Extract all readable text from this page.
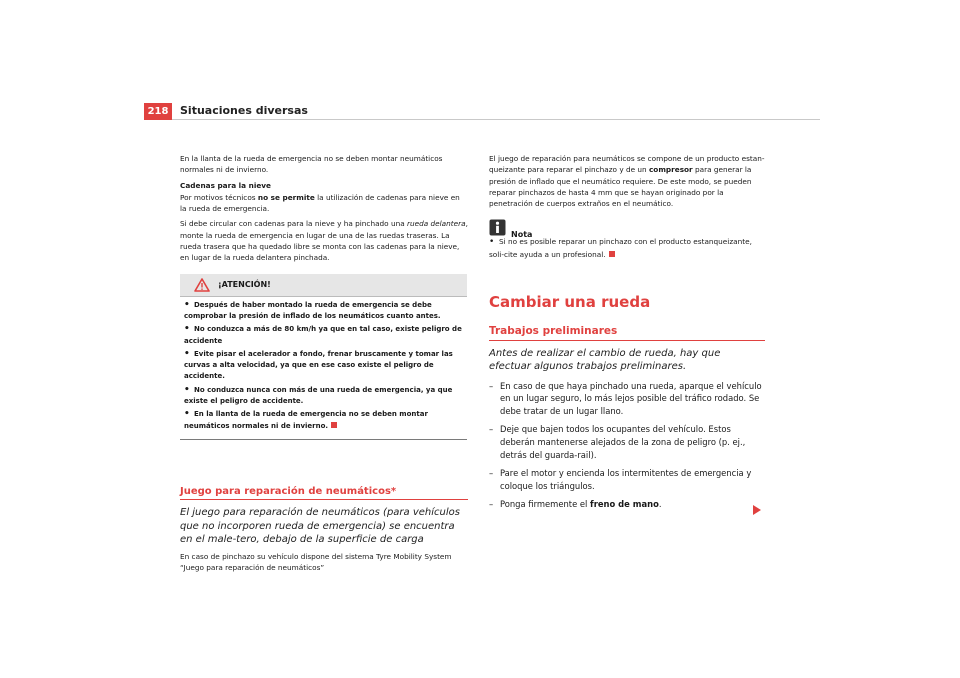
218	Situaciones diversas

En la llanta de la rueda de emergencia no se deben montar neumáticos normales ni de invierno.

Cadenas para la nieve

Por motivos técnicos no se permite la utilización de cadenas para nieve en la rueda de emergencia.

Si debe circular con cadenas para la nieve y ha pinchado una rueda delantera, monte la rueda de emergencia en lugar de una de las ruedas traseras. La rueda trasera que ha quedado libre se monta con las cadenas para la nieve, en lugar de la rueda delantera pinchada.

¡ATENCIÓN!
• Después de haber montado la rueda de emergencia se debe comprobar la presión de inflado de los neumáticos cuanto antes.
• No conduzca a más de 80 km/h ya que en tal caso, existe peligro de accidente
• Evite pisar el acelerador a fondo, frenar bruscamente y tomar las curvas a alta velocidad, ya que en ese caso existe el peligro de accidente.
• No conduzca nunca con más de una rueda de emergencia, ya que existe el peligro de accidente.
• En la llanta de la rueda de emergencia no se deben montar neumáticos normales ni de invierno.
Juego para reparación de neumáticos*
El juego para reparación de neumáticos (para vehículos que no incorporen rueda de emergencia) se encuentra en el male-tero, debajo de la superficie de carga

En caso de pinchazo su vehículo dispone del sistema Tyre Mobility System “Juego para reparación de neumáticos”

El juego de reparación para neumáticos se compone de un producto estan-queizante para reparar el pinchazo y de un compresor para generar la presión de inflado que el neumático requiere. De este modo, se pueden reparar pinchazos de hasta 4 mm que se hayan originado por la penetración de cuerpos extraños en el neumático.

Nota

• Si no es posible reparar un pinchazo con el producto estanqueizante, soli-cite ayuda a un profesional.

Cambiar una rueda
Trabajos preliminares
Antes de realizar el cambio de rueda, hay que efectuar algunos trabajos preliminares.
– En caso de que haya pinchado una rueda, aparque el vehículo en un lugar seguro, lo más lejos posible del tráfico rodado. Se debe tratar de un lugar llano.
– Deje que bajen todos los ocupantes del vehículo. Estos deberán mantenerse alejados de la zona de peligro (p. ej., detrás del guarda-rail).
– Pare el motor y encienda los intermitentes de emergencia y coloque los triángulos.
– Ponga firmemente el freno de mano.
